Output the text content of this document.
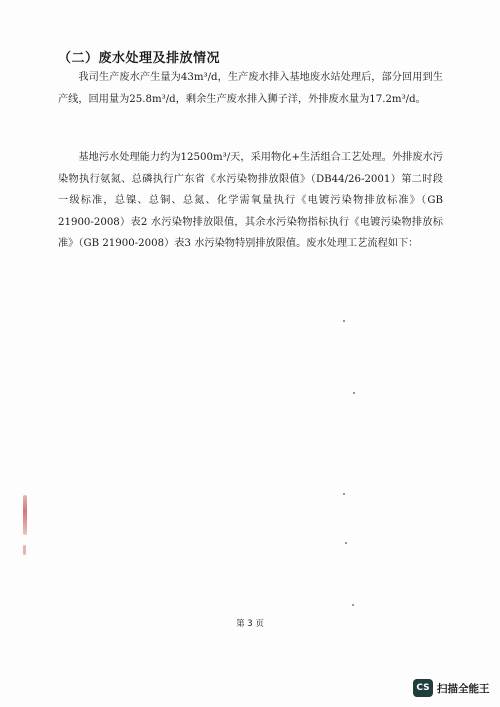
（二）废水处理及排放情况

我司生产废水产生量为43m³/d，生产废水排入基地废水站处理后，部分回用到生产线，回用量为25.8m³/d，剩余生产废水排入狮子洋，外排废水量为17.2m³/d。

基地污水处理能力约为12500m³/天，采用物化+生活组合工艺处理。外排废水污染物执行氨氮、总磷执行广东省《水污染物排放限值》（DB44/26-2001）第二时段一级标准，总镍、总铜、总氮、化学需氧量执行《电镀污染物排放标准》（GB 21900-2008）表2 水污染物排放限值，其余水污染物指标执行《电镀污染物排放标准》（GB 21900-2008）表3 水污染物特别排放限值。废水处理工艺流程如下：

第 3 页
CS 扫描全能王
